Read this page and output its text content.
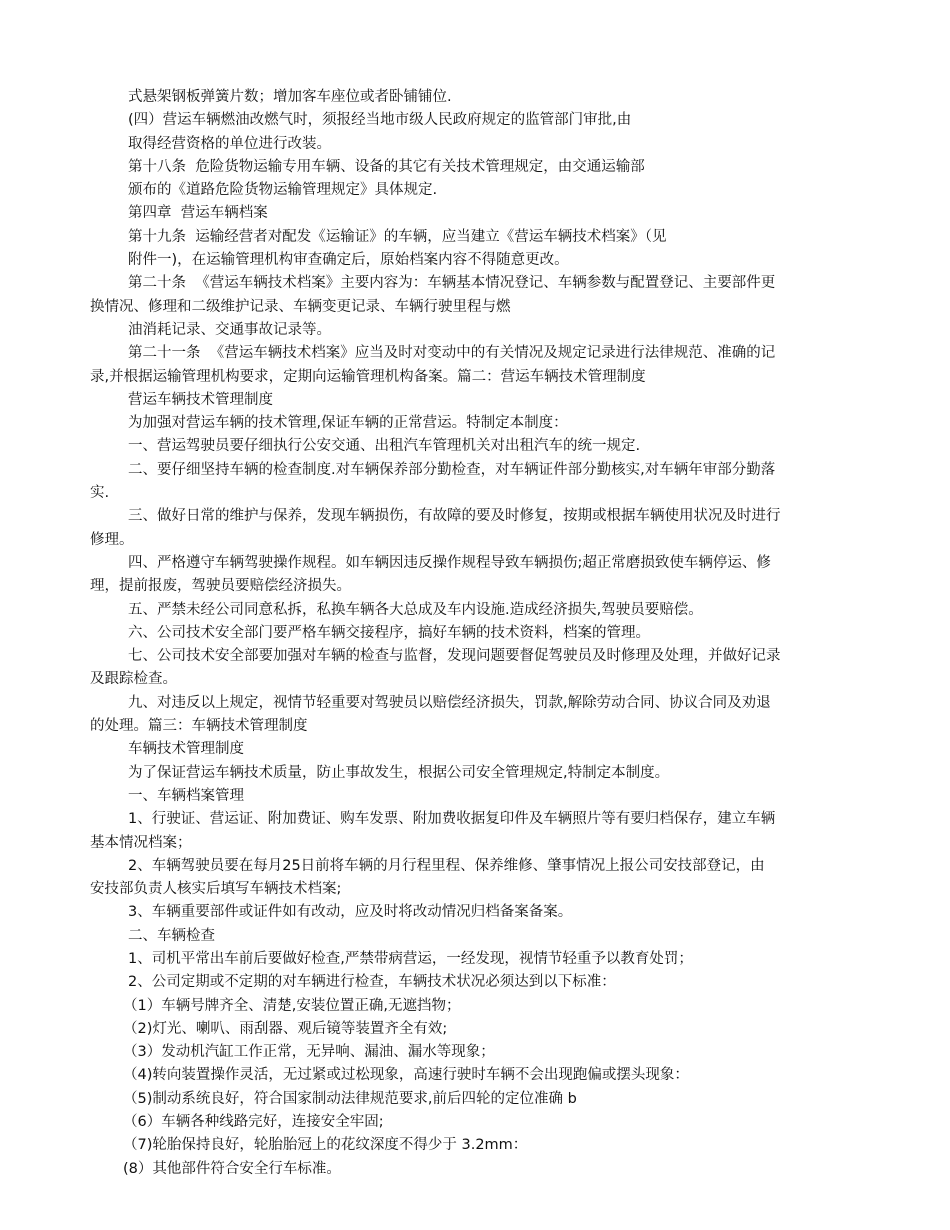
式悬架钢板弹簧片数；增加客车座位或者卧铺铺位.
(四）营运车辆燃油改燃气时，须报经当地市级人民政府规定的监管部门审批,由
取得经营资格的单位进行改装。
第十八条  危险货物运输专用车辆、设备的其它有关技术管理规定，由交通运输部
颁布的《道路危险货物运输管理规定》具体规定.
第四章  营运车辆档案
第十九条  运输经营者对配发《运输证》的车辆，应当建立《营运车辆技术档案》（见
附件一)，在运输管理机构审查确定后，原始档案内容不得随意更改。
第二十条  《营运车辆技术档案》主要内容为：车辆基本情况登记、车辆参数与配置登记、主要部件更
换情况、修理和二级维护记录、车辆变更记录、车辆行驶里程与燃
油消耗记录、交通事故记录等。
第二十一条  《营运车辆技术档案》应当及时对变动中的有关情况及规定记录进行法律规范、准确的记
录,并根据运输管理机构要求，定期向运输管理机构备案。篇二：营运车辆技术管理制度
营运车辆技术管理制度
为加强对营运车辆的技术管理,保证车辆的正常营运。特制定本制度：
一、营运驾驶员要仔细执行公安交通、出租汽车管理机关对出租汽车的统一规定.
二、要仔细坚持车辆的检查制度.对车辆保养部分勤检查，对车辆证件部分勤核实,对车辆年审部分勤落
实.
三、做好日常的维护与保养，发现车辆损伤，有故障的要及时修复，按期或根据车辆使用状况及时进行
修理。
四、严格遵守车辆驾驶操作规程。如车辆因违反操作规程导致车辆损伤;超正常磨损致使车辆停运、修
理，提前报废，驾驶员要赔偿经济损失。
五、严禁未经公司同意私拆，私换车辆各大总成及车内设施.造成经济损失,驾驶员要赔偿。
六、公司技术安全部门要严格车辆交接程序，搞好车辆的技术资料，档案的管理。
七、公司技术安全部要加强对车辆的检查与监督，发现问题要督促驾驶员及时修理及处理，并做好记录
及跟踪检查。
九、对违反以上规定，视情节轻重要对驾驶员以赔偿经济损失，罚款,解除劳动合同、协议合同及劝退
的处理。篇三：车辆技术管理制度
车辆技术管理制度
为了保证营运车辆技术质量，防止事故发生，根据公司安全管理规定,特制定本制度。
一、车辆档案管理
1、行驶证、营运证、附加费证、购车发票、附加费收据复印件及车辆照片等有要归档保存，建立车辆
基本情况档案；
2、车辆驾驶员要在每月25日前将车辆的月行程里程、保养维修、肇事情况上报公司安技部登记，由
安技部负责人核实后填写车辆技术档案;
3、车辆重要部件或证件如有改动，应及时将改动情况归档备案备案。
二、车辆检查
1、司机平常出车前后要做好检查,严禁带病营运，一经发现，视情节轻重予以教育处罚；
2、公司定期或不定期的对车辆进行检查，车辆技术状况必须达到以下标准：
（1）车辆号牌齐全、清楚,安装位置正确,无遮挡物；
（2)灯光、喇叭、雨刮器、观后镜等装置齐全有效;
（3）发动机汽缸工作正常，无异响、漏油、漏水等现象；
（4)转向装置操作灵活，无过紧或过松现象，高速行驶时车辆不会出现跑偏或摆头现象：
（5)制动系统良好，符合国家制动法律规范要求,前后四轮的定位准确 b
（6）车辆各种线路完好，连接安全牢固;
（7)轮胎保持良好，轮胎胎冠上的花纹深度不得少于 3.2mm：
(8）其他部件符合安全行车标准。
